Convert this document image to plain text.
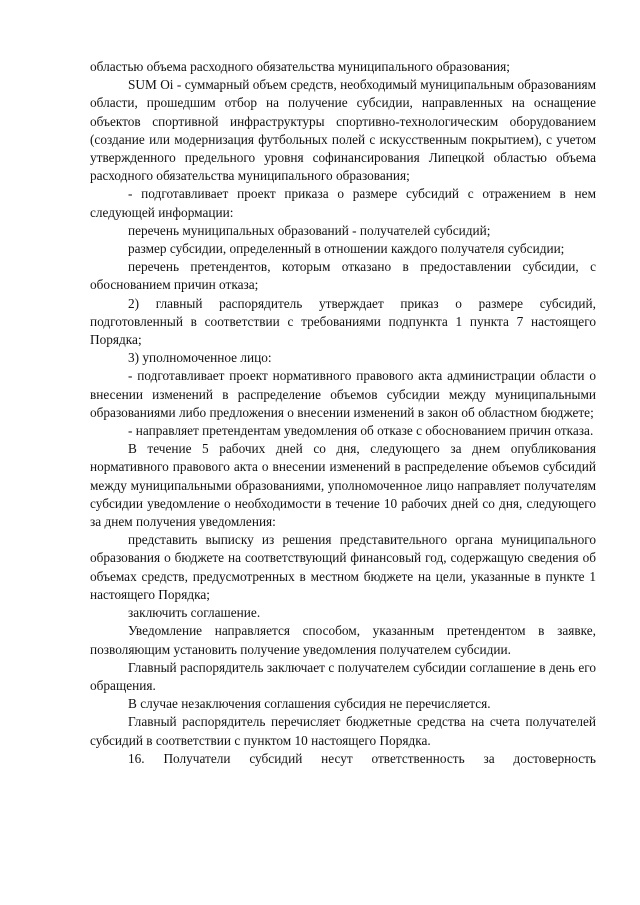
областью объема расходного обязательства муниципального образования;

SUM Oi - суммарный объем средств, необходимый муниципальным образованиям области, прошедшим отбор на получение субсидии, направленных на оснащение объектов спортивной инфраструктуры спортивно-технологическим оборудованием (создание или модернизация футбольных полей с искусственным покрытием), с учетом утвержденного предельного уровня софинансирования Липецкой областью объема расходного обязательства муниципального образования;

- подготавливает проект приказа о размере субсидий с отражением в нем следующей информации:

перечень муниципальных образований - получателей субсидий;

размер субсидии, определенный в отношении каждого получателя субсидии;

перечень претендентов, которым отказано в предоставлении субсидии, с обоснованием причин отказа;

2) главный распорядитель утверждает приказ о размере субсидий, подготовленный в соответствии с требованиями подпункта 1 пункта 7 настоящего Порядка;

3) уполномоченное лицо:

- подготавливает проект нормативного правового акта администрации области о внесении изменений в распределение объемов субсидии между муниципальными образованиями либо предложения о внесении изменений в закон об областном бюджете;

- направляет претендентам уведомления об отказе с обоснованием причин отказа.

В течение 5 рабочих дней со дня, следующего за днем опубликования нормативного правового акта о внесении изменений в распределение объемов субсидий между муниципальными образованиями, уполномоченное лицо направляет получателям субсидии уведомление о необходимости в течение 10 рабочих дней со дня, следующего за днем получения уведомления:

представить выписку из решения представительного органа муниципального образования о бюджете на соответствующий финансовый год, содержащую сведения об объемах средств, предусмотренных в местном бюджете на цели, указанные в пункте 1 настоящего Порядка;

заключить соглашение.

Уведомление направляется способом, указанным претендентом в заявке, позволяющим установить получение уведомления получателем субсидии.

Главный распорядитель заключает с получателем субсидии соглашение в день его обращения.

В случае незаключения соглашения субсидия не перечисляется.

Главный распорядитель перечисляет бюджетные средства на счета получателей субсидий в соответствии с пунктом 10 настоящего Порядка.

16. Получатели субсидий несут ответственность за достоверность
